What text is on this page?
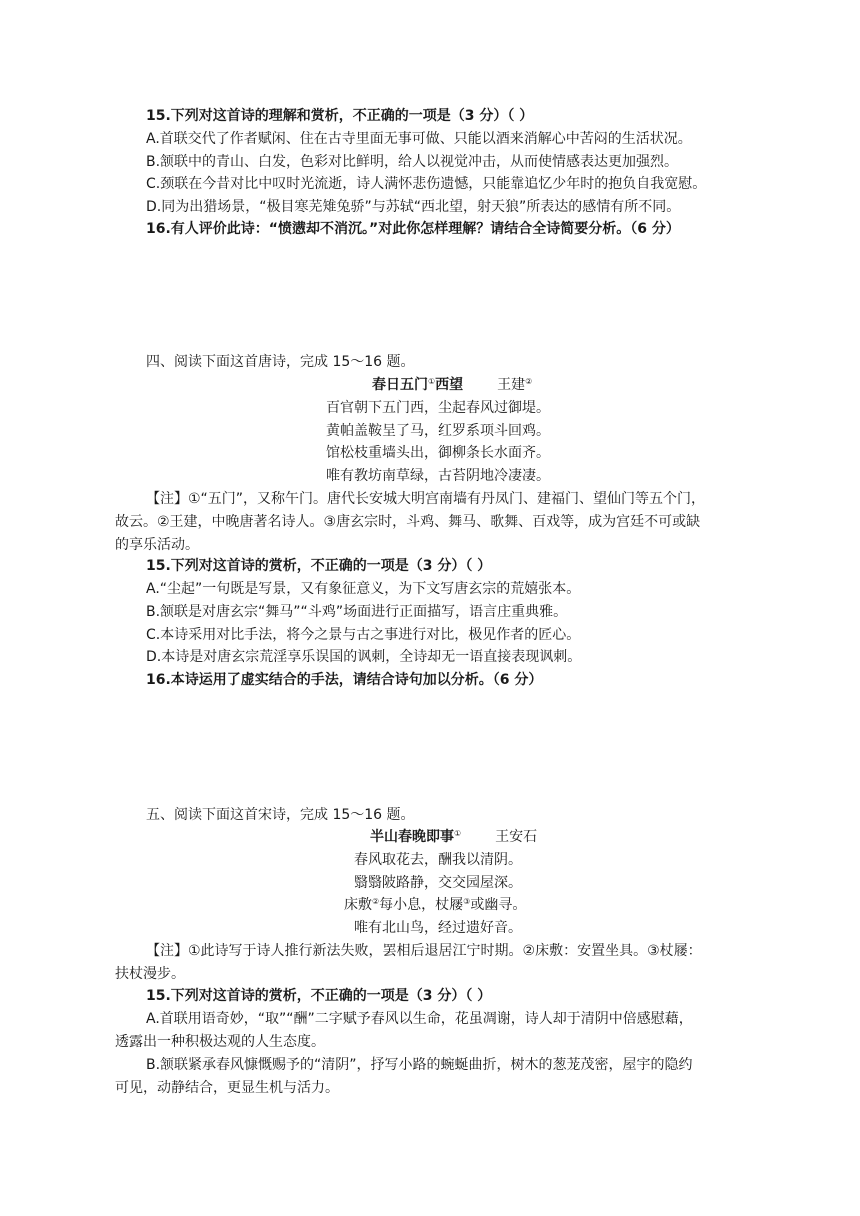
15.下列对这首诗的理解和赏析，不正确的一项是（3 分）（ ）
A.首联交代了作者赋闲、住在古寺里面无事可做、只能以酒来消解心中苦闷的生活状况。
B.颔联中的青山、白发，色彩对比鲜明，给人以视觉冲击，从而使情感表达更加强烈。
C.颈联在今昔对比中叹时光流逝，诗人满怀悲伤遗憾，只能靠追忆少年时的抱负自我宽慰。
D.同为出猎场景，“极目寒芜雉兔骄”与苏轼“西北望，射天狼”所表达的感情有所不同。
16.有人评价此诗：“愤懑却不消沉。”对此你怎样理解？请结合全诗简要分析。（6 分）
四、阅读下面这首唐诗，完成 15～16 题。
春日五门①西望 王建②
百官朝下五门西，尘起春风过御堤。
黄帕盖鞍呈了马，红罗系项斗回鸡。
馆松枝重墙头出，御柳条长水面齐。
唯有教坊南草绿，古苔阴地冷凄凄。
【注】①“五门”，又称午门。唐代长安城大明宫南墙有丹凤门、建福门、望仙门等五个门，
故云。②王建，中晚唐著名诗人。③唐玄宗时，斗鸡、舞马、歌舞、百戏等，成为宫廷不可或缺
的享乐活动。
15.下列对这首诗的赏析，不正确的一项是（3 分）（ ）
A.“尘起”一句既是写景，又有象征意义，为下文写唐玄宗的荒嬉张本。
B.颔联是对唐玄宗“舞马”“斗鸡”场面进行正面描写，语言庄重典雅。
C.本诗采用对比手法，将今之景与古之事进行对比，极见作者的匠心。
D.本诗是对唐玄宗荒淫享乐误国的讽刺，全诗却无一语直接表现讽刺。
16.本诗运用了虚实结合的手法，请结合诗句加以分析。（6 分）
五、阅读下面这首宋诗，完成 15～16 题。
半山春晚即事① 王安石
春风取花去，酬我以清阴。
翳翳陂路静，交交园屋深。
床敷②每小息，杖屦③或幽寻。
唯有北山鸟，经过遗好音。
【注】①此诗写于诗人推行新法失败，罢相后退居江宁时期。②床敷：安置坐具。③杖屦：
扶杖漫步。
15.下列对这首诗的赏析，不正确的一项是（3 分）（ ）
A.首联用语奇妙，“取”“酬”二字赋予春风以生命，花虽凋谢，诗人却于清阴中倍感慰藉，
透露出一种积极达观的人生态度。
B.颔联紧承春风慷慨赐予的“清阴”，抒写小路的蜿蜒曲折，树木的葱茏茂密，屋宇的隐约
可见，动静结合，更显生机与活力。
